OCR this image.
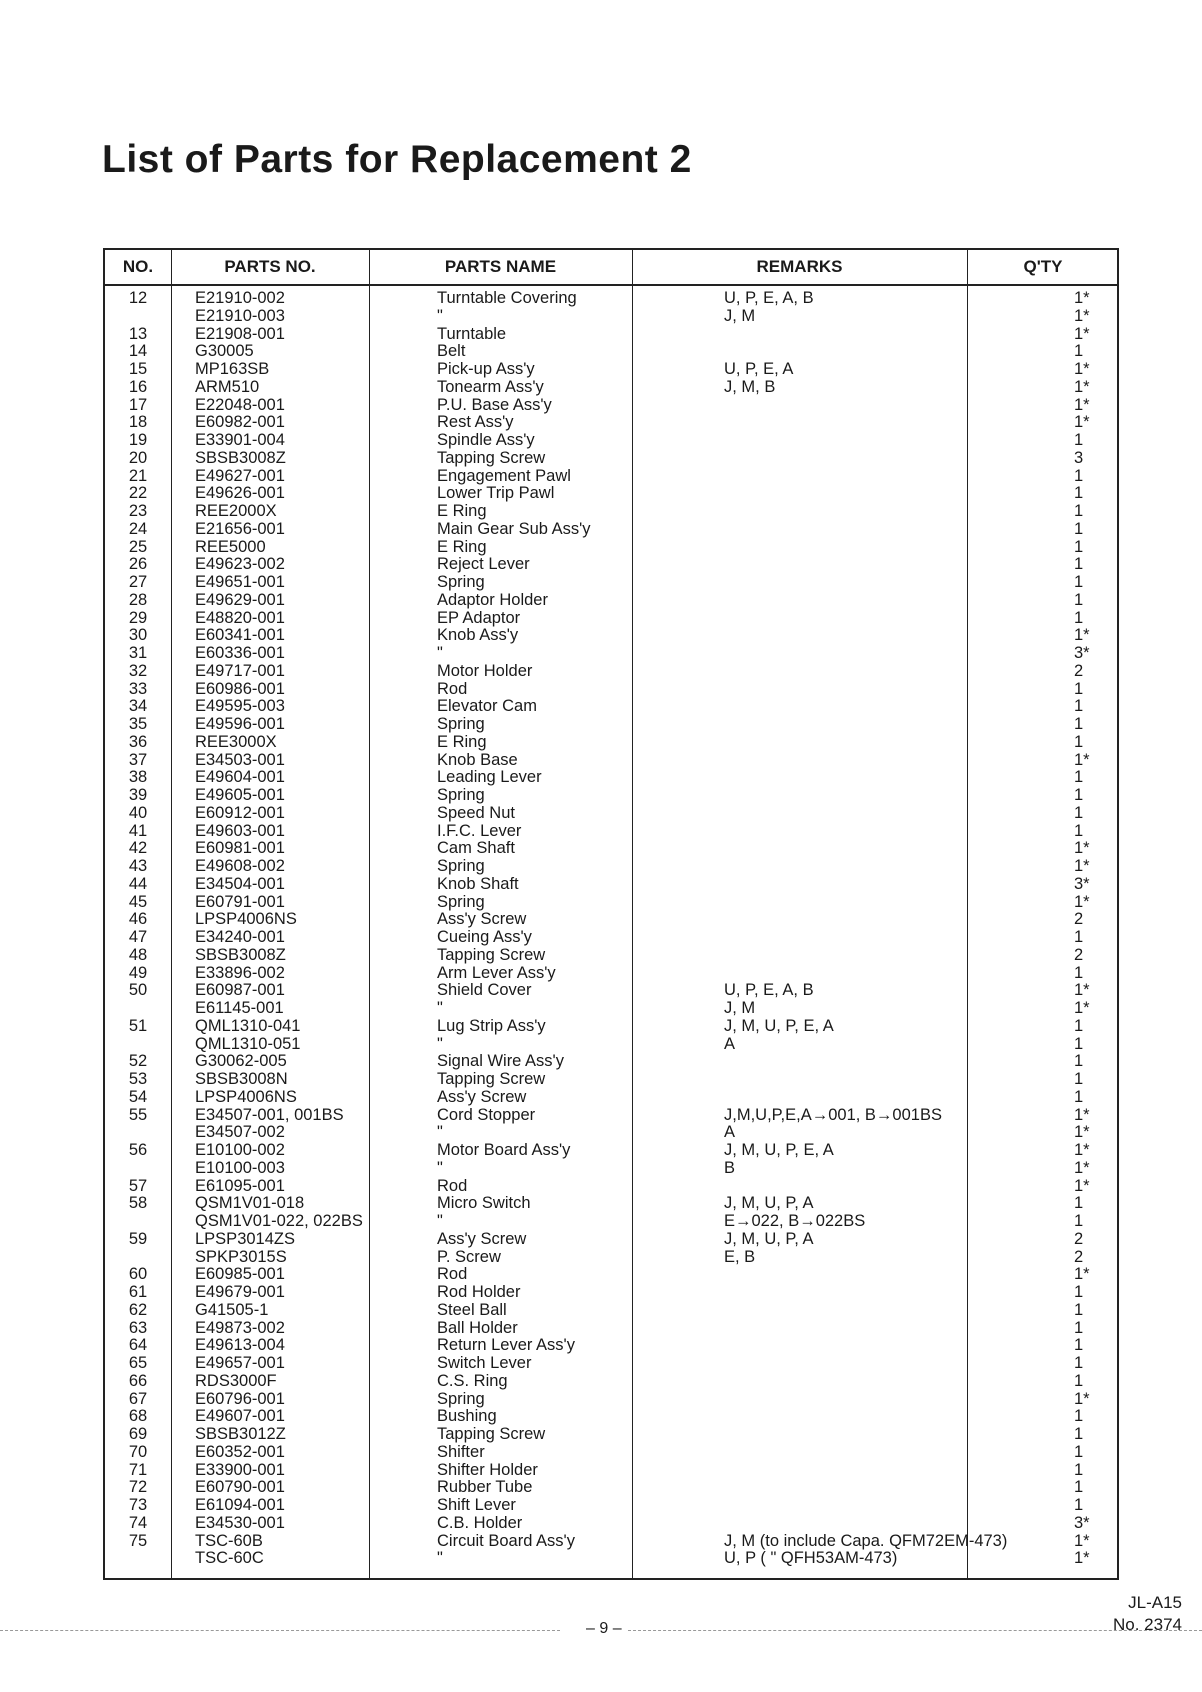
List of Parts for Replacement 2
NO.	PARTS NO.	PARTS NAME	REMARKS	Q'TY
12	E21910-002	Turntable Covering	U, P, E, A, B	1*
E21910-003	"	J, M	1*
13	E21908-001	Turntable	1*
14	G30005	Belt	1
15	MP163SB	Pick-up Ass'y	U, P, E, A	1*
16	ARM510	Tonearm Ass'y	J, M, B	1*
17	E22048-001	P.U. Base Ass'y	1*
18	E60982-001	Rest Ass'y	1*
19	E33901-004	Spindle Ass'y	1
20	SBSB3008Z	Tapping Screw	3
21	E49627-001	Engagement Pawl	1
22	E49626-001	Lower Trip Pawl	1
23	REE2000X	E Ring	1
24	E21656-001	Main Gear Sub Ass'y	1
25	REE5000	E Ring	1
26	E49623-002	Reject Lever	1
27	E49651-001	Spring	1
28	E49629-001	Adaptor Holder	1
29	E48820-001	EP Adaptor	1
30	E60341-001	Knob Ass'y	1*
31	E60336-001	"	3*
32	E49717-001	Motor Holder	2
33	E60986-001	Rod	1
34	E49595-003	Elevator Cam	1
35	E49596-001	Spring	1
36	REE3000X	E Ring	1
37	E34503-001	Knob Base	1*
38	E49604-001	Leading Lever	1
39	E49605-001	Spring	1
40	E60912-001	Speed Nut	1
41	E49603-001	I.F.C. Lever	1
42	E60981-001	Cam Shaft	1*
43	E49608-002	Spring	1*
44	E34504-001	Knob Shaft	3*
45	E60791-001	Spring	1*
46	LPSP4006NS	Ass'y Screw	2
47	E34240-001	Cueing Ass'y	1
48	SBSB3008Z	Tapping Screw	2
49	E33896-002	Arm Lever Ass'y	1
50	E60987-001	Shield Cover	U, P, E, A, B	1*
E61145-001	"	J, M	1*
51	QML1310-041	Lug Strip Ass'y	J, M, U, P, E, A	1
QML1310-051	"	A	1
52	G30062-005	Signal Wire Ass'y	1
53	SBSB3008N	Tapping Screw	1
54	LPSP4006NS	Ass'y Screw	1
55	E34507-001, 001BS	Cord Stopper	J,M,U,P,E,A→001, B→001BS	1*
E34507-002	"	A	1*
56	E10100-002	Motor Board Ass'y	J, M, U, P, E, A	1*
E10100-003	"	B	1*
57	E61095-001	Rod	1*
58	QSM1V01-018	Micro Switch	J, M, U, P, A	1
QSM1V01-022, 022BS	"	E→022, B→022BS	1
59	LPSP3014ZS	Ass'y Screw	J, M, U, P, A	2
SPKP3015S	P. Screw	E, B	2
60	E60985-001	Rod	1*
61	E49679-001	Rod Holder	1
62	G41505-1	Steel Ball	1
63	E49873-002	Ball Holder	1
64	E49613-004	Return Lever Ass'y	1
65	E49657-001	Switch Lever	1
66	RDS3000F	C.S. Ring	1
67	E60796-001	Spring	1*
68	E49607-001	Bushing	1
69	SBSB3012Z	Tapping Screw	1
70	E60352-001	Shifter	1
71	E33900-001	Shifter Holder	1
72	E60790-001	Rubber Tube	1
73	E61094-001	Shift Lever	1
74	E34530-001	C.B. Holder	3*
75	TSC-60B	Circuit Board Ass'y	J, M (to include Capa. QFM72EM-473)	1*
TSC-60C	"	U, P ( " QFH53AM-473)	1*
JL-A15
No. 2374
– 9 –
